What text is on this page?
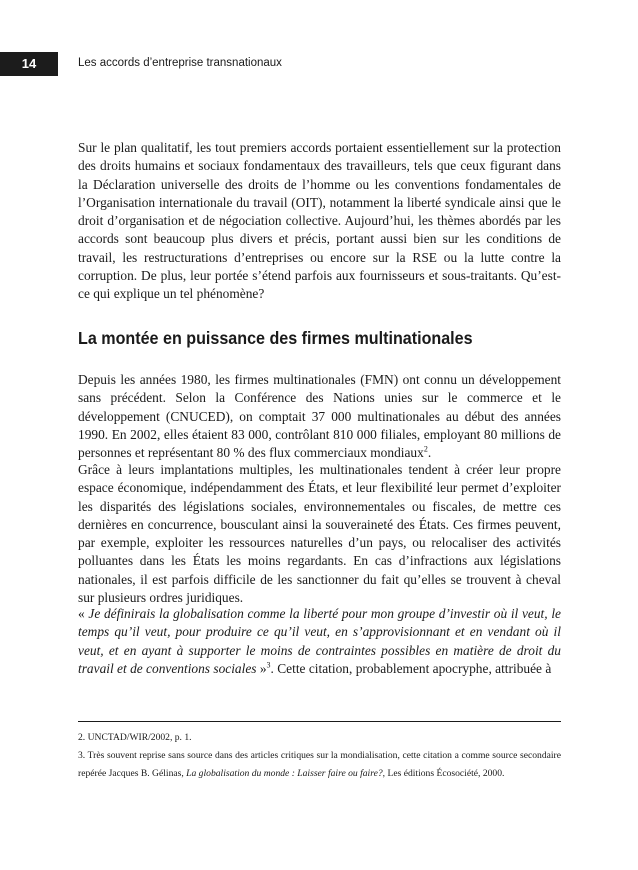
14	Les accords d’entreprise transnationaux

Sur le plan qualitatif, les tout premiers accords portaient essentiellement sur la protection des droits humains et sociaux fondamentaux des travailleurs, tels que ceux figurant dans la Déclaration universelle des droits de l’homme ou les conventions fondamentales de l’Organisation internationale du travail (OIT), notamment la liberté syndicale ainsi que le droit d’organisation et de négociation collective. Aujourd’hui, les thèmes abordés par les accords sont beaucoup plus divers et précis, portant aussi bien sur les conditions de travail, les restructurations d’entreprises ou encore sur la RSE ou la lutte contre la corruption. De plus, leur portée s’étend parfois aux fournisseurs et sous-traitants. Qu’est-ce qui explique un tel phénomène?

La montée en puissance des firmes multinationales

Depuis les années 1980, les firmes multinationales (FMN) ont connu un développement sans précédent. Selon la Conférence des Nations unies sur le commerce et le développement (CNUCED), on comptait 37 000 multinationales au début des années 1990. En 2002, elles étaient 83 000, contrôlant 810 000 filiales, employant 80 millions de personnes et représentant 80 % des flux commerciaux mondiaux$^2$.

Grâce à leurs implantations multiples, les multinationales tendent à créer leur propre espace économique, indépendamment des États, et leur flexibilité leur permet d’exploiter les disparités des législations sociales, environnementales ou fiscales, de mettre ces dernières en concurrence, bousculant ainsi la souveraineté des États. Ces firmes peuvent, par exemple, exploiter les ressources naturelles d’un pays, ou relocaliser des activités polluantes dans les États les moins regardants. En cas d’infractions aux législations nationales, il est parfois difficile de les sanctionner du fait qu’elles se trouvent à cheval sur plusieurs ordres juridiques.

« Je définirais la globalisation comme la liberté pour mon groupe d’investir où il veut, le temps qu’il veut, pour produire ce qu’il veut, en s’approvisionnant et en vendant où il veut, et en ayant à supporter le moins de contraintes possibles en matière de droit du travail et de conventions sociales »$^3$. Cette citation, probablement apocryphe, attribuée à

2. UNCTAD/WIR/2002, p. 1.

3. Très souvent reprise sans source dans des articles critiques sur la mondialisation, cette citation a comme source secondaire repérée Jacques B. Gélinas, La globalisation du monde : Laisser faire ou faire?, Les éditions Écosociété, 2000.
